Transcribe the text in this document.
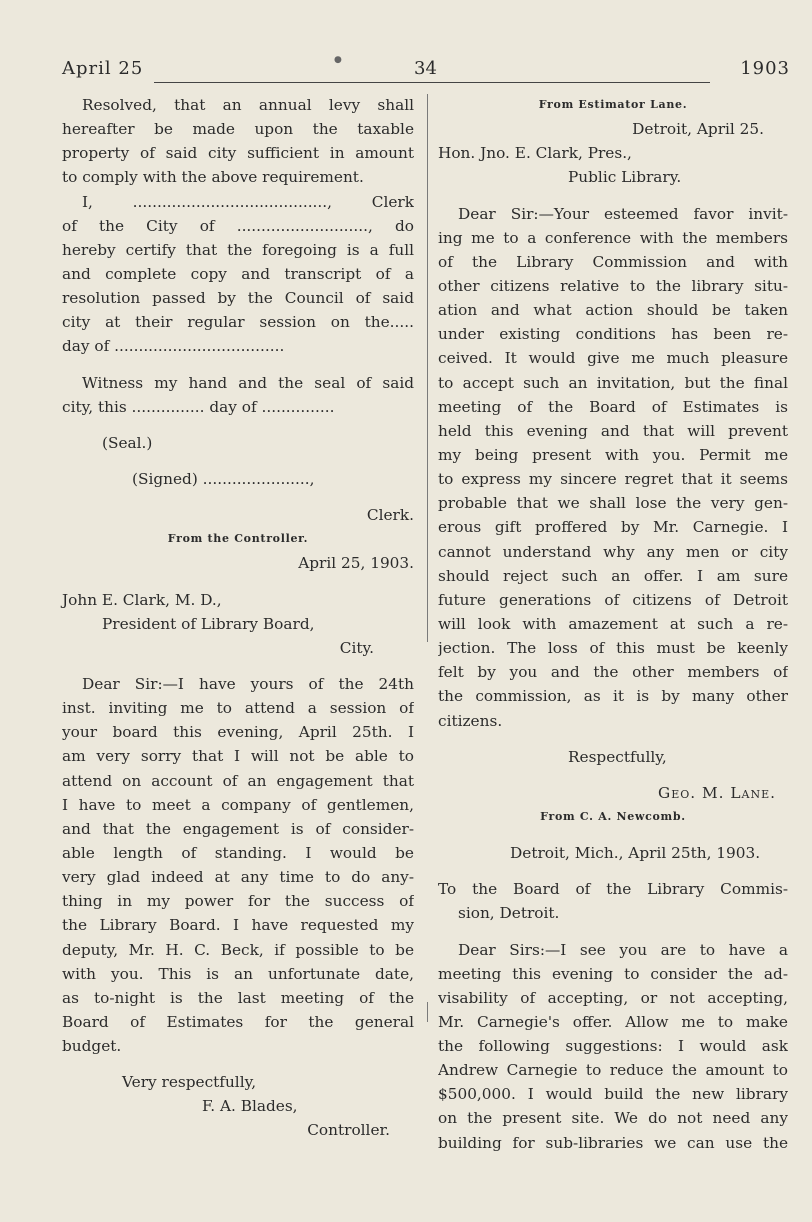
April 25	●	34	1903
Resolved, that an annual levy shall
hereafter be made upon the taxable
property of said city sufficient in amount
to comply with the above requirement.
I, ........................................, Clerk
of the City of ..........................., do
hereby certify that the foregoing is a full
and complete copy and transcript of a
resolution passed by the Council of said
city at their regular session on the.....
day of ...................................
Witness my hand and the seal of said
city, this ............... day of ...............
(Seal.)
(Signed) ......................,
Clerk.
From the Controller.
April 25, 1903.
John E. Clark, M. D.,
President of Library Board,
City.
Dear Sir:—I have yours of the 24th
inst. inviting me to attend a session of
your board this evening, April 25th. I
am very sorry that I will not be able to
attend on account of an engagement that
I have to meet a company of gentlemen,
and that the engagement is of consider-
able length of standing. I would be
very glad indeed at any time to do any-
thing in my power for the success of
the Library Board. I have requested my
deputy, Mr. H. C. Beck, if possible to be
with you. This is an unfortunate date,
as to-night is the last meeting of the
Board of Estimates for the general
budget.
Very respectfully,
F. A. Blades,
Controller.
From Estimator Lane.
Detroit, April 25.
Hon. Jno. E. Clark, Pres.,
Public Library.
Dear Sir:—Your esteemed favor invit-
ing me to a conference with the members
of the Library Commission and with
other citizens relative to the library situ-
ation and what action should be taken
under existing conditions has been re-
ceived. It would give me much pleasure
to accept such an invitation, but the final
meeting of the Board of Estimates is
held this evening and that will prevent
my being present with you. Permit me
to express my sincere regret that it seems
probable that we shall lose the very gen-
erous gift proffered by Mr. Carnegie. I
cannot understand why any men or city
should reject such an offer. I am sure
future generations of citizens of Detroit
will look with amazement at such a re-
jection. The loss of this must be keenly
felt by you and the other members of
the commission, as it is by many other
citizens.
Respectfully,
Geo. M. Lane.
From C. A. Newcomb.
Detroit, Mich., April 25th, 1903.
To the Board of the Library Commis-
sion, Detroit.
Dear Sirs:—I see you are to have a
meeting this evening to consider the ad-
visability of accepting, or not accepting,
Mr. Carnegie's offer. Allow me to make
the following suggestions: I would ask
Andrew Carnegie to reduce the amount to
$500,000. I would build the new library
on the present site. We do not need any
building for sub-libraries we can use the
